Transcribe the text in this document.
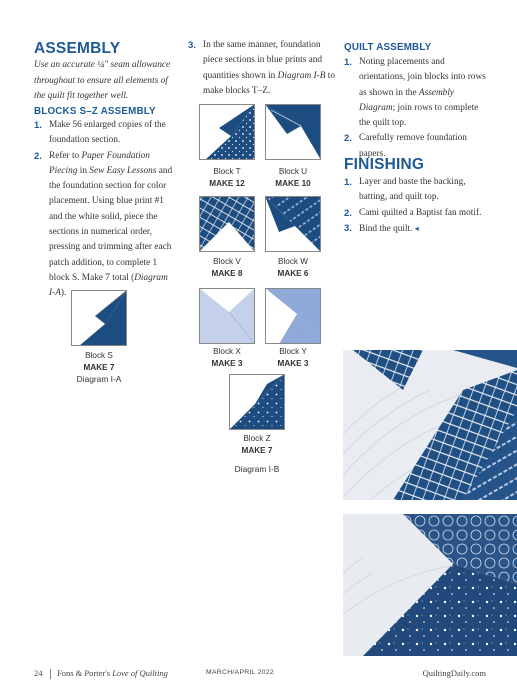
ASSEMBLY
Use an accurate ¼" seam allowance throughout to ensure all elements of the quilt fit together well.
BLOCKS S–Z ASSEMBLY
1. Make 56 enlarged copies of the foundation section.
2. Refer to Paper Foundation Piecing in Sew Easy Lessons and the foundation section for color placement. Using blue print #1 and the white solid, piece the sections in numerical order, pressing and trimming after each patch addition, to complete 1 block S. Make 7 total (Diagram I-A).
Block S
MAKE 7
Diagram I-A
3. In the same manner, foundation piece sections in blue prints and quantities shown in Diagram I-B to make blocks T–Z.
Block T
MAKE 12
Block U
MAKE 10
Block V
MAKE 8
Block W
MAKE 6
Block X
MAKE 3
Block Y
MAKE 3
Block Z
MAKE 7
Diagram I-B
QUILT ASSEMBLY
1. Noting placements and orientations, join blocks into rows as shown in the Assembly Diagram; join rows to complete the quilt top.
2. Carefully remove foundation papers.
FINISHING
1. Layer and baste the backing, batting, and quilt top.
2. Cami quilted a Baptist fan motif.
3. Bind the quilt. ◂
24 Fons & Porter's Love of Quilting	MARCH/APRIL 2022	QuiltingDaily.com
